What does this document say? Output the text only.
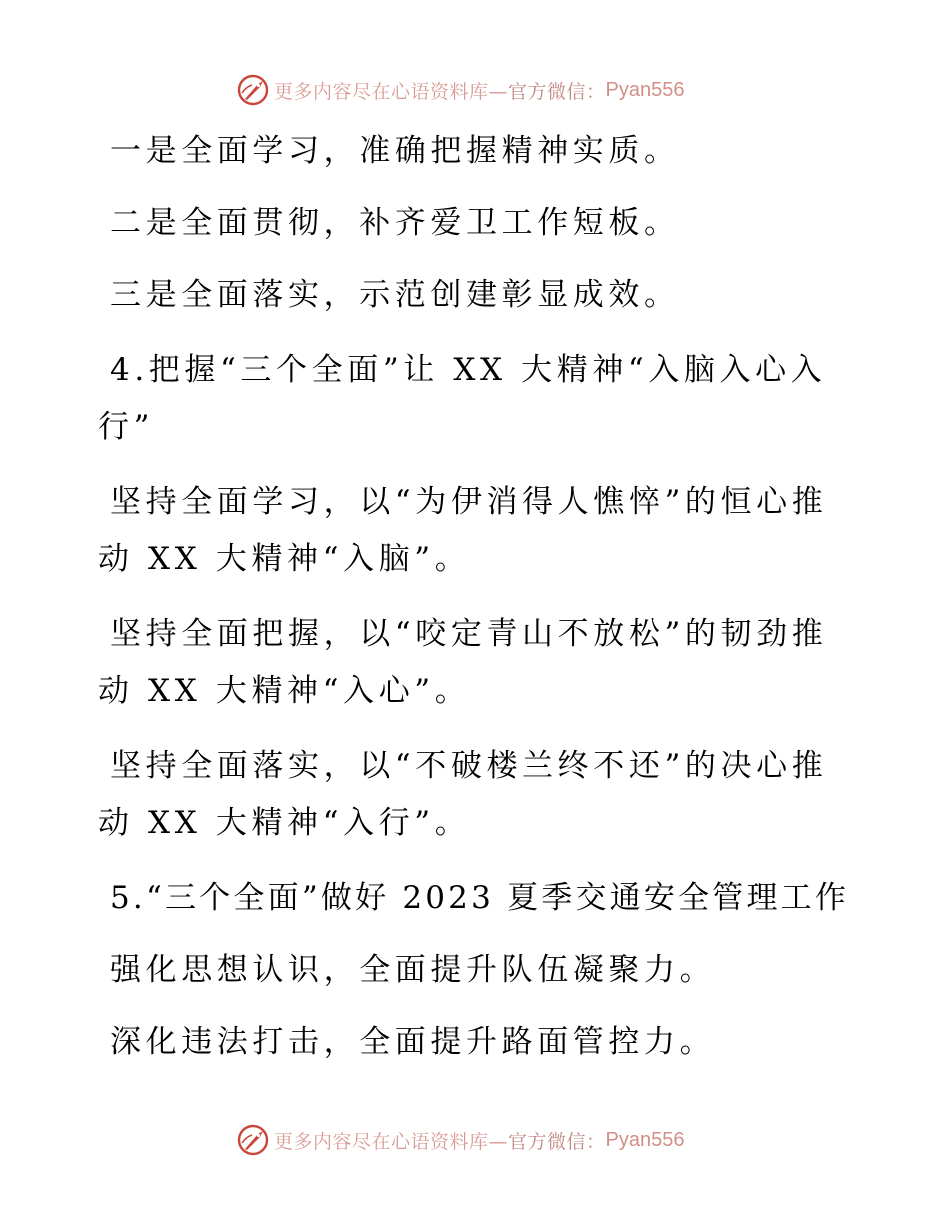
更多内容尽在心语资料库— 官方微信： Pyan556

一是全面学习，准确把握精神实质。

二是全面贯彻，补齐爱卫工作短板。

三是全面落实，示范创建彰显成效。

4.把握“三个全面”让 XX 大精神“入脑入心入

行”

坚持全面学习，以“为伊消得人憔悴”的恒心推

动 XX 大精神“入脑”。

坚持全面把握，以“咬定青山不放松”的韧劲推

动 XX 大精神“入心”。

坚持全面落实，以“不破楼兰终不还”的决心推

动 XX 大精神“入行”。

5.“三个全面”做好 2023 夏季交通安全管理工作

强化思想认识，全面提升队伍凝聚力。

深化违法打击，全面提升路面管控力。

更多内容尽在心语资料库— 官方微信： Pyan556
